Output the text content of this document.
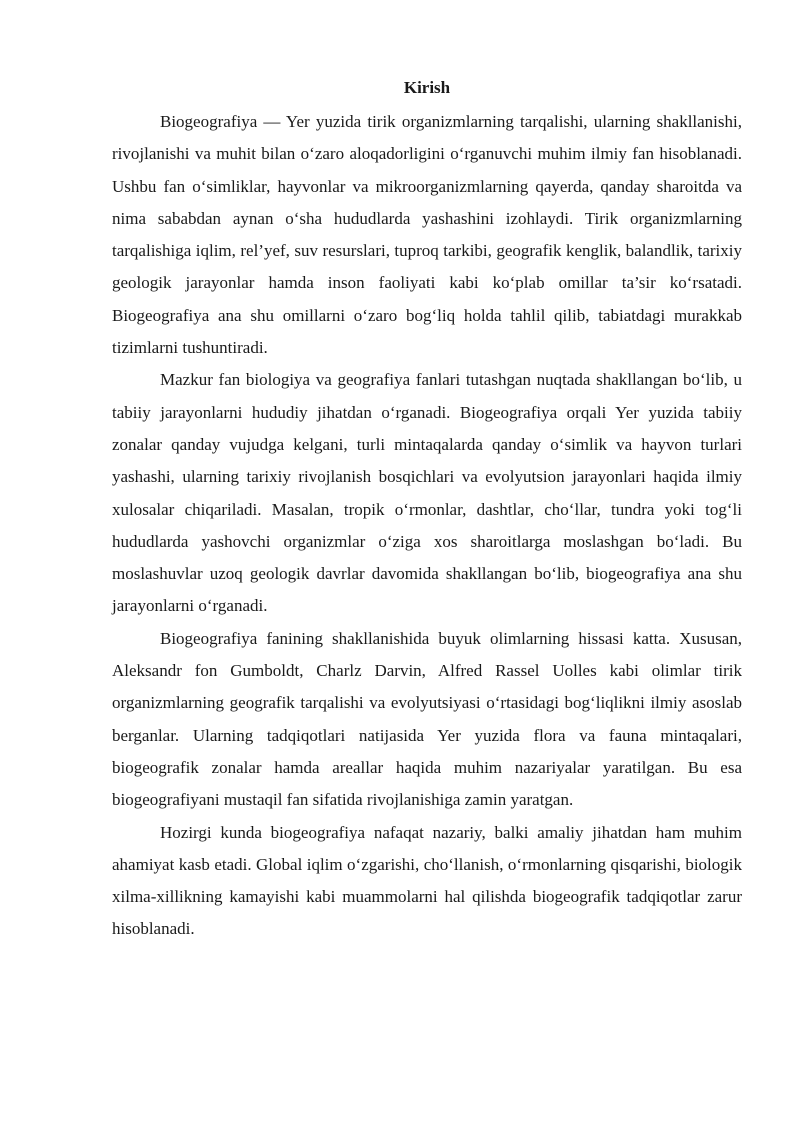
Kirish

Biogeografiya — Yer yuzida tirik organizmlarning tarqalishi, ularning shakllanishi, rivojlanishi va muhit bilan o‘zaro aloqadorligini o‘rganuvchi muhim ilmiy fan hisoblanadi. Ushbu fan o‘simliklar, hayvonlar va mikroorganizmlarning qayerda, qanday sharoitda va nima sababdan aynan o‘sha hududlarda yashashini izohlaydi. Tirik organizmlarning tarqalishiga iqlim, rel’yef, suv resurslari, tuproq tarkibi, geografik kenglik, balandlik, tarixiy geologik jarayonlar hamda inson faoliyati kabi ko‘plab omillar ta’sir ko‘rsatadi. Biogeografiya ana shu omillarni o‘zaro bog‘liq holda tahlil qilib, tabiatdagi murakkab tizimlarni tushuntiradi.

Mazkur fan biologiya va geografiya fanlari tutashgan nuqtada shakllangan bo‘lib, u tabiiy jarayonlarni hududiy jihatdan o‘rganadi. Biogeografiya orqali Yer yuzida tabiiy zonalar qanday vujudga kelgani, turli mintaqalarda qanday o‘simlik va hayvon turlari yashashi, ularning tarixiy rivojlanish bosqichlari va evolyutsion jarayonlari haqida ilmiy xulosalar chiqariladi. Masalan, tropik o‘rmonlar, dashtlar, cho‘llar, tundra yoki tog‘li hududlarda yashovchi organizmlar o‘ziga xos sharoitlarga moslashgan bo‘ladi. Bu moslashuvlar uzoq geologik davrlar davomida shakllangan bo‘lib, biogeografiya ana shu jarayonlarni o‘rganadi.

Biogeografiya fanining shakllanishida buyuk olimlarning hissasi katta. Xususan, Aleksandr fon Gumboldt, Charlz Darvin, Alfred Rassel Uolles kabi olimlar tirik organizmlarning geografik tarqalishi va evolyutsiyasi o‘rtasidagi bog‘liqlikni ilmiy asoslab berganlar. Ularning tadqiqotlari natijasida Yer yuzida flora va fauna mintaqalari, biogeografik zonalar hamda areallar haqida muhim nazariyalar yaratilgan. Bu esa biogeografiyani mustaqil fan sifatida rivojlanishiga zamin yaratgan.

Hozirgi kunda biogeografiya nafaqat nazariy, balki amaliy jihatdan ham muhim ahamiyat kasb etadi. Global iqlim o‘zgarishi, cho‘llanish, o‘rmonlarning qisqarishi, biologik xilma-xillikning kamayishi kabi muammolarni hal qilishda biogeografik tadqiqotlar zarur hisoblanadi.
